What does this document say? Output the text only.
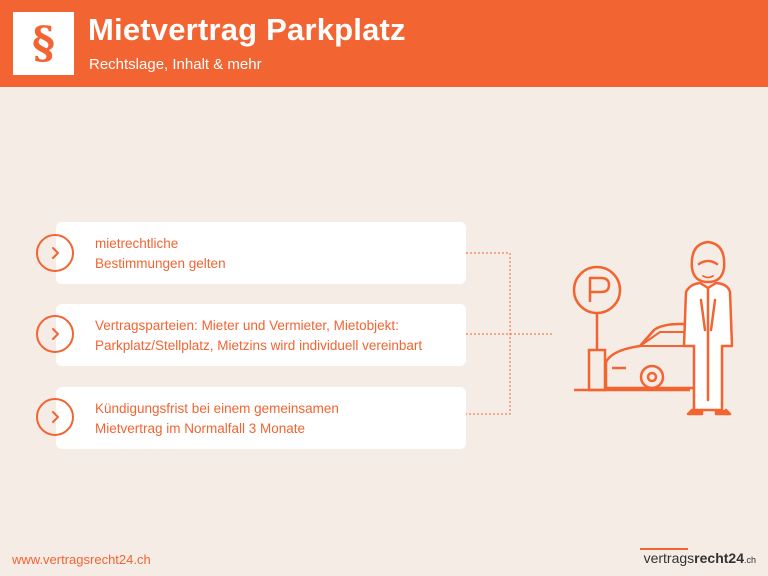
§ Mietvertrag Parkplatz
Rechtslage, Inhalt & mehr
mietrechtliche
Bestimmungen gelten
Vertragsparteien: Mieter und Vermieter, Mietobjekt:
Parkplatz/Stellplatz, Mietzins wird individuell vereinbart
Kündigungsfrist bei einem gemeinsamen
Mietvertrag im Normalfall 3 Monate
www.vertragsrecht24.ch	vertragsrecht24.ch
